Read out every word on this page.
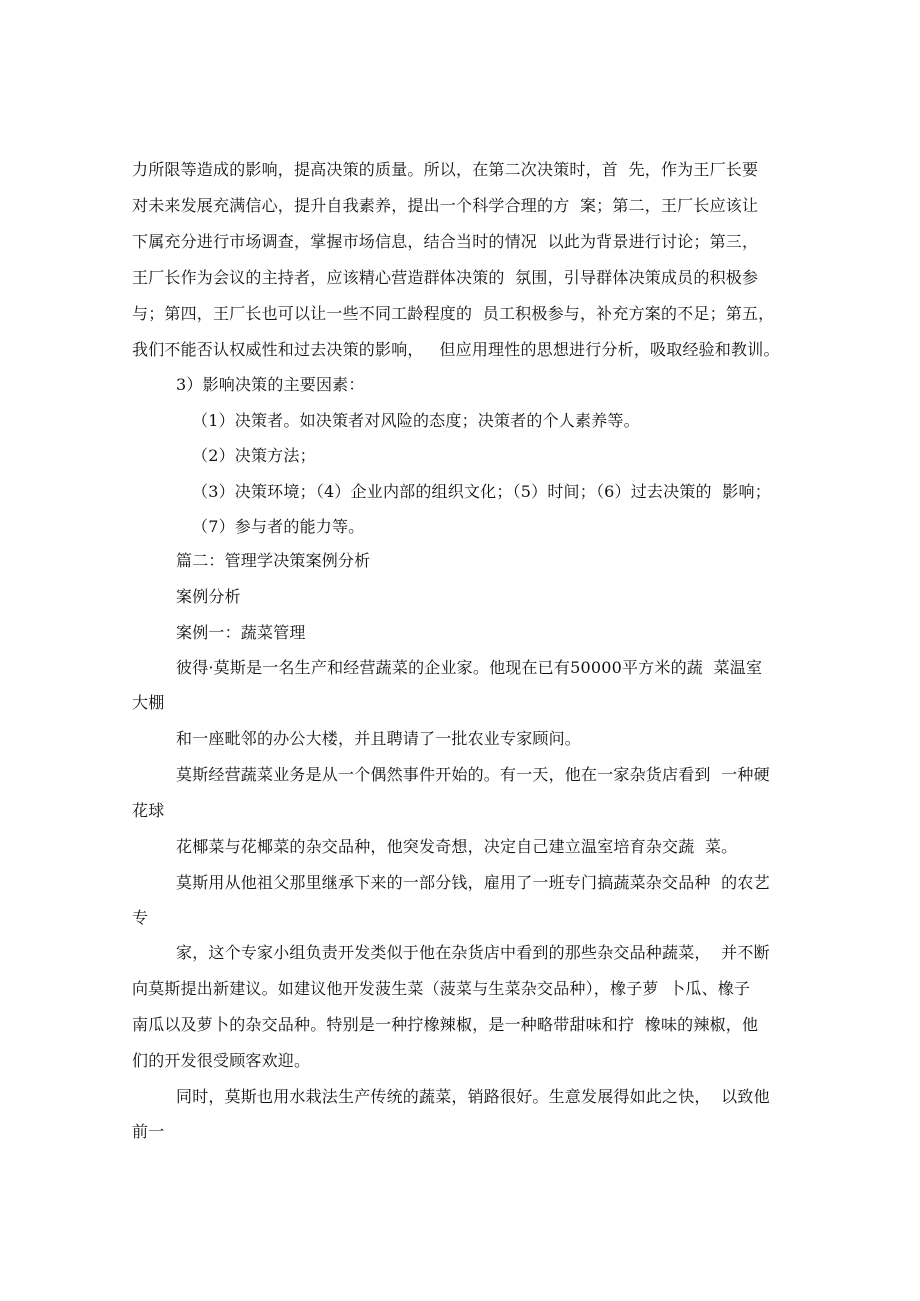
力所限等造成的影响，提高决策的质量。所以，在第二次决策时，首  先，作为王厂长要
对未来发展充满信心，提升自我素养，提出一个科学合理的方  案；第二，王厂长应该让
下属充分进行市场调查，掌握市场信息，结合当时的情况  以此为背景进行讨论；第三，
王厂长作为会议的主持者，应该精心营造群体决策的  氛围，引导群体决策成员的积极参
与；第四，王厂长也可以让一些不同工龄程度的  员工积极参与，补充方案的不足；第五，
我们不能否认权威性和过去决策的影响，   但应用理性的思想进行分析，吸取经验和教训。
3）影响决策的主要因素：
（1）决策者。如决策者对风险的态度；决策者的个人素养等。
（2）决策方法；
（3）决策环境；（4）企业内部的组织文化；（5）时间；（6）过去决策的  影响；
（7）参与者的能力等。
篇二：管理学决策案例分析
案例分析
案例一：蔬菜管理
彼得·莫斯是一名生产和经营蔬菜的企业家。他现在已有50000平方米的蔬  菜温室
大棚
和一座毗邻的办公大楼，并且聘请了一批农业专家顾问。
莫斯经营蔬菜业务是从一个偶然事件开始的。有一天，他在一家杂货店看到  一种硬
花球
花椰菜与花椰菜的杂交品种，他突发奇想，决定自己建立温室培育杂交蔬  菜。
莫斯用从他祖父那里继承下来的一部分钱，雇用了一班专门搞蔬菜杂交品种  的农艺
专
家，这个专家小组负责开发类似于他在杂货店中看到的那些杂交品种蔬菜，  并不断
向莫斯提出新建议。如建议他开发菠生菜（菠菜与生菜杂交品种），橡子萝  卜瓜、橡子
南瓜以及萝卜的杂交品种。特别是一种拧橡辣椒，是一种略带甜味和拧  橡味的辣椒，他
们的开发很受顾客欢迎。
同时，莫斯也用水栽法生产传统的蔬菜，销路很好。生意发展得如此之快，  以致他
前一
